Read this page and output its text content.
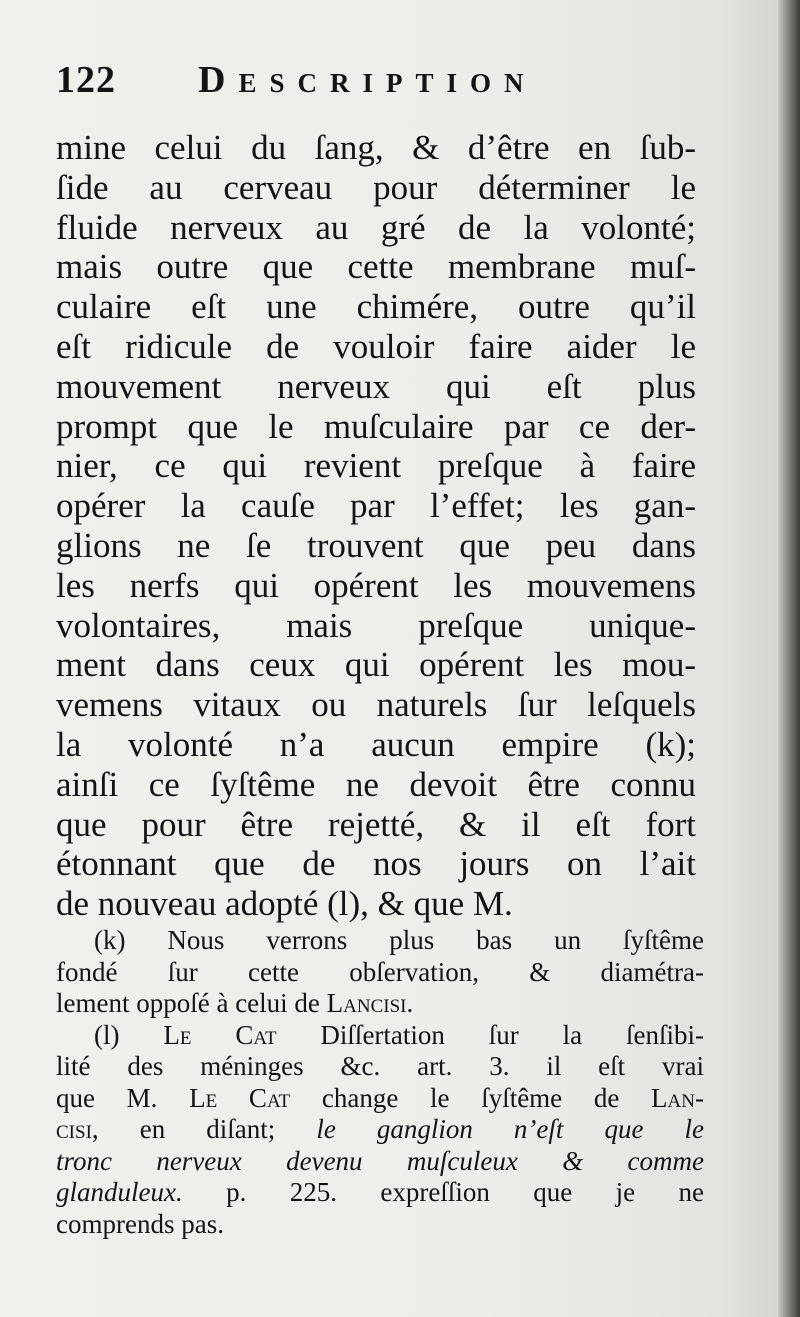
122 Description
mine celui du ſang, & d’être en ſub-
ſide au cerveau pour déterminer le
fluide nerveux au gré de la volonté;
mais outre que cette membrane muſ-
culaire eſt une chimére, outre qu’il
eſt ridicule de vouloir faire aider le
mouvement nerveux qui eſt plus
prompt que le muſculaire par ce der-
nier, ce qui revient preſque à faire
opérer la cauſe par l’effet; les gan-
glions ne ſe trouvent que peu dans
les nerfs qui opérent les mouvemens
volontaires, mais preſque unique-
ment dans ceux qui opérent les mou-
vemens vitaux ou naturels ſur leſquels
la volonté n’a aucun empire (k);
ainſi ce ſyſtême ne devoit être connu
que pour être rejetté, & il eſt fort
étonnant que de nos jours on l’ait
de nouveau adopté (l), & que M.
(k) Nous verrons plus bas un ſyſtême
fondé ſur cette obſervation, & diamétra-
lement oppoſé à celui de Lancisi.
(l) Le Cat Diſſertation ſur la ſenſibi-
lité des méninges &c. art. 3. il eſt vrai
que M. Le Cat change le ſyſtême de Lan-
cisi, en diſant; le ganglion n’eſt que le
tronc nerveux devenu muſculeux & comme
glanduleux. p. 225. expreſſion que je ne
comprends pas.
